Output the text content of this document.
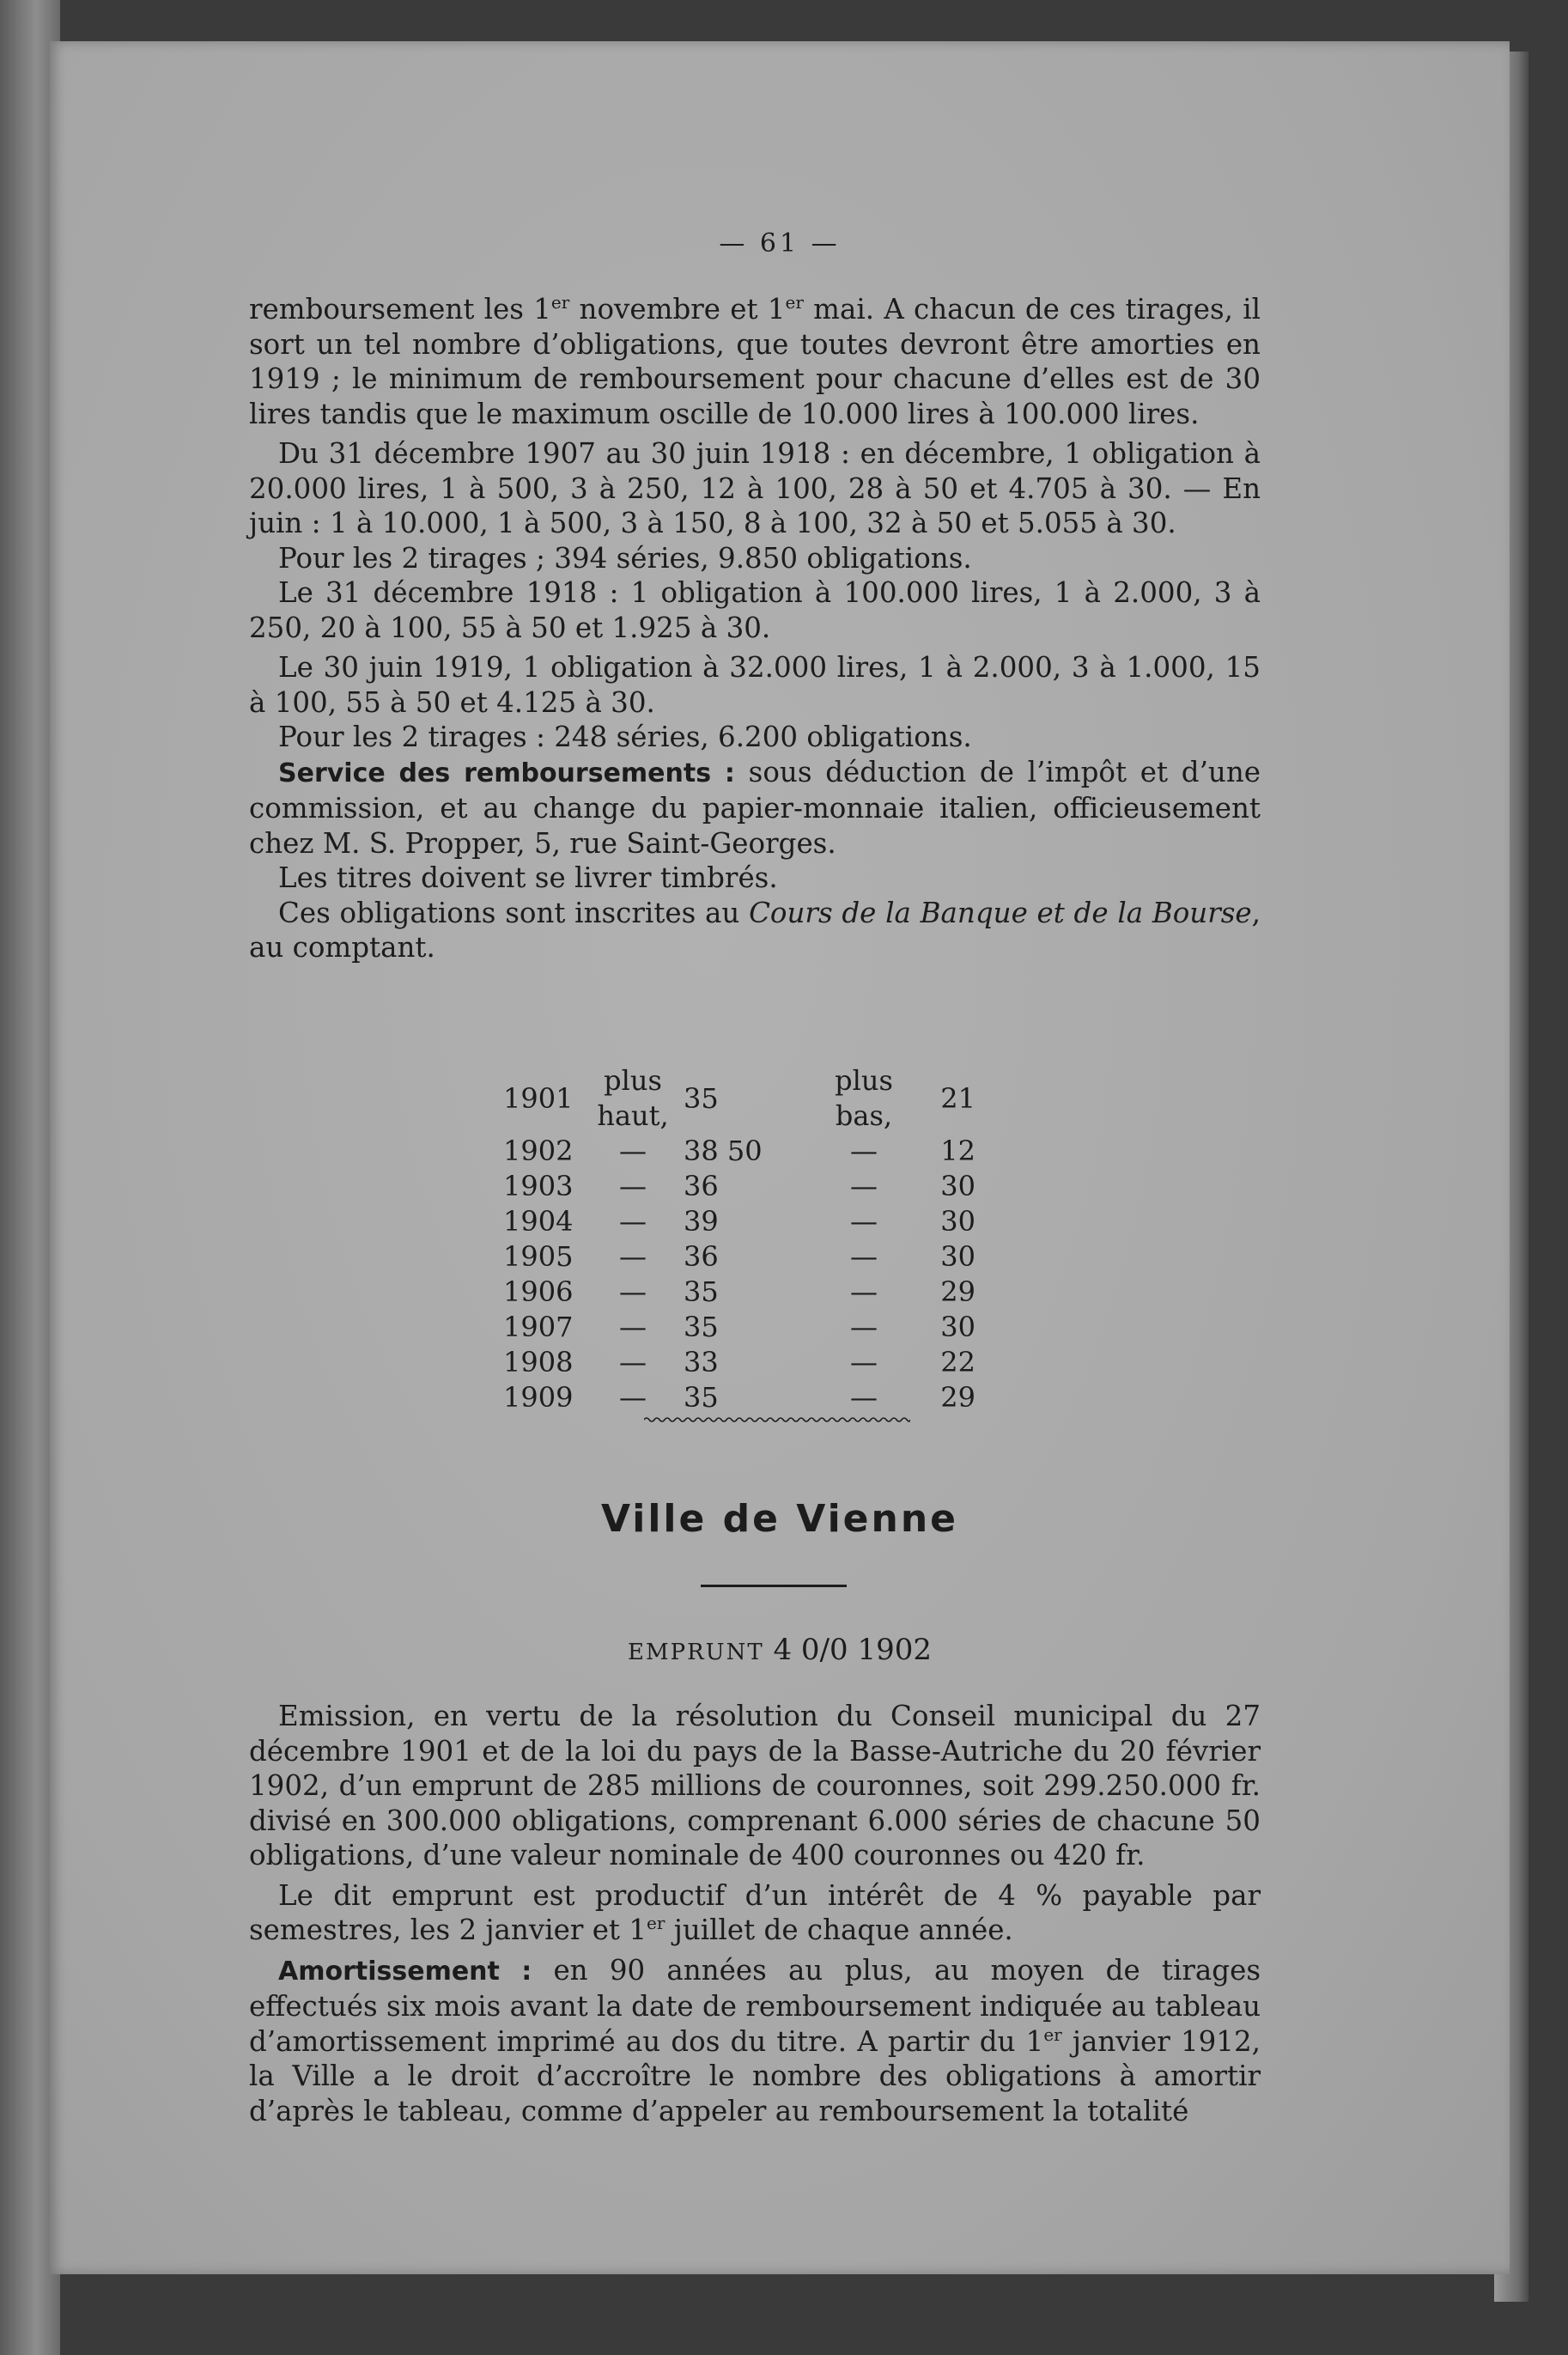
— 61 —

remboursement les 1er novembre et 1er mai. A chacun de ces tirages, il sort un tel nombre d’obligations, que toutes devront être amorties en 1919 ; le minimum de remboursement pour chacune d’elles est de 30 lires tandis que le maximum oscille de 10.000 lires à 100.000 lires.

Du 31 décembre 1907 au 30 juin 1918 : en décembre, 1 obligation à 20.000 lires, 1 à 500, 3 à 250, 12 à 100, 28 à 50 et 4.705 à 30. — En juin : 1 à 10.000, 1 à 500, 3 à 150, 8 à 100, 32 à 50 et 5.055 à 30.

Pour les 2 tirages ; 394 séries, 9.850 obligations.

Le 31 décembre 1918 : 1 obligation à 100.000 lires, 1 à 2.000, 3 à 250, 20 à 100, 55 à 50 et 1.925 à 30.

Le 30 juin 1919, 1 obligation à 32.000 lires, 1 à 2.000, 3 à 1.000, 15 à 100, 55 à 50 et 4.125 à 30.

Pour les 2 tirages : 248 séries, 6.200 obligations.

Service des remboursements : sous déduction de l’impôt et d’une commission, et au change du papier-monnaie italien, officieusement chez M. S. Propper, 5, rue Saint-Georges.

Les titres doivent se livrer timbrés.

Ces obligations sont inscrites au Cours de la Banque et de la Bourse, au comptant.

1901	plus haut,	35	plus bas,	21
1902	—	38 50	—	12
1903	—	36	—	30
1904	—	39	—	30
1905	—	36	—	30
1906	—	35	—	29
1907	—	35	—	30
1908	—	33	—	22
1909	—	35	—	29
Ville de Vienne
EMPRUNT 4 0/0 1902

Emission, en vertu de la résolution du Conseil municipal du 27 décembre 1901 et de la loi du pays de la Basse-Autriche du 20 février 1902, d’un emprunt de 285 millions de couronnes, soit 299.250.000 fr. divisé en 300.000 obligations, comprenant 6.000 séries de chacune 50 obligations, d’une valeur nominale de 400 couronnes ou 420 fr.

Le dit emprunt est productif d’un intérêt de 4 % payable par semestres, les 2 janvier et 1er juillet de chaque année.

Amortissement : en 90 années au plus, au moyen de tirages effectués six mois avant la date de remboursement indiquée au tableau d’amortissement imprimé au dos du titre. A partir du 1er janvier 1912, la Ville a le droit d’accroître le nombre des obligations à amortir d’après le tableau, comme d’appeler au remboursement la totalité
